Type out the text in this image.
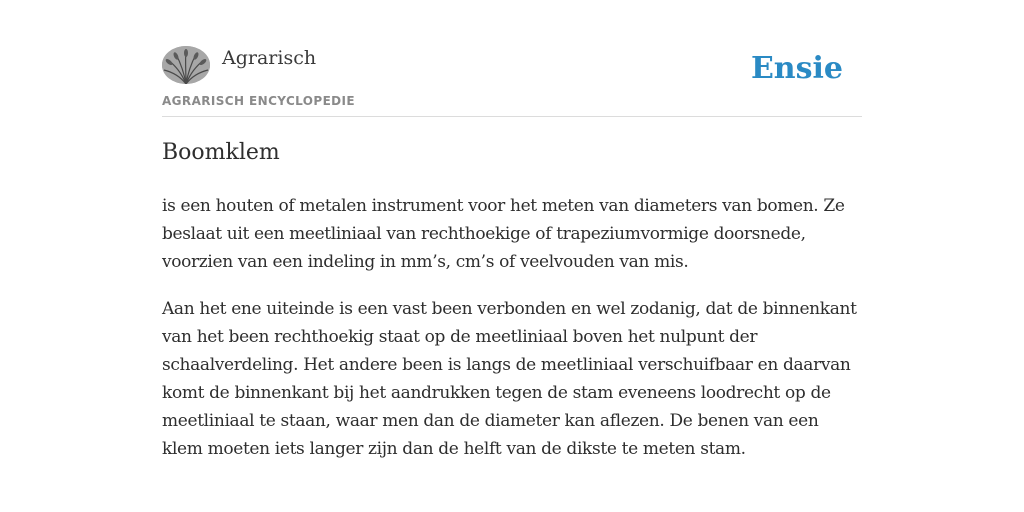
Agrarisch
AGRARISCH ENCYCLOPEDIE
Ensie
Boomklem

is een houten of metalen instrument voor het meten van diameters van bomen. Ze beslaat uit een meetliniaal van rechthoekige of trapeziumvormige doorsnede, voorzien van een indeling in mm’s, cm’s of veelvouden van mis.

Aan het ene uiteinde is een vast been verbonden en wel zodanig, dat de binnenkant van het been rechthoekig staat op de meetliniaal boven het nulpunt der schaalverdeling. Het andere been is langs de meetliniaal verschuifbaar en daarvan komt de binnenkant bij het aandrukken tegen de stam eveneens loodrecht op de meetliniaal te staan, waar men dan de diameter kan aflezen. De benen van een klem moeten iets langer zijn dan de helft van de dikste te meten stam.
